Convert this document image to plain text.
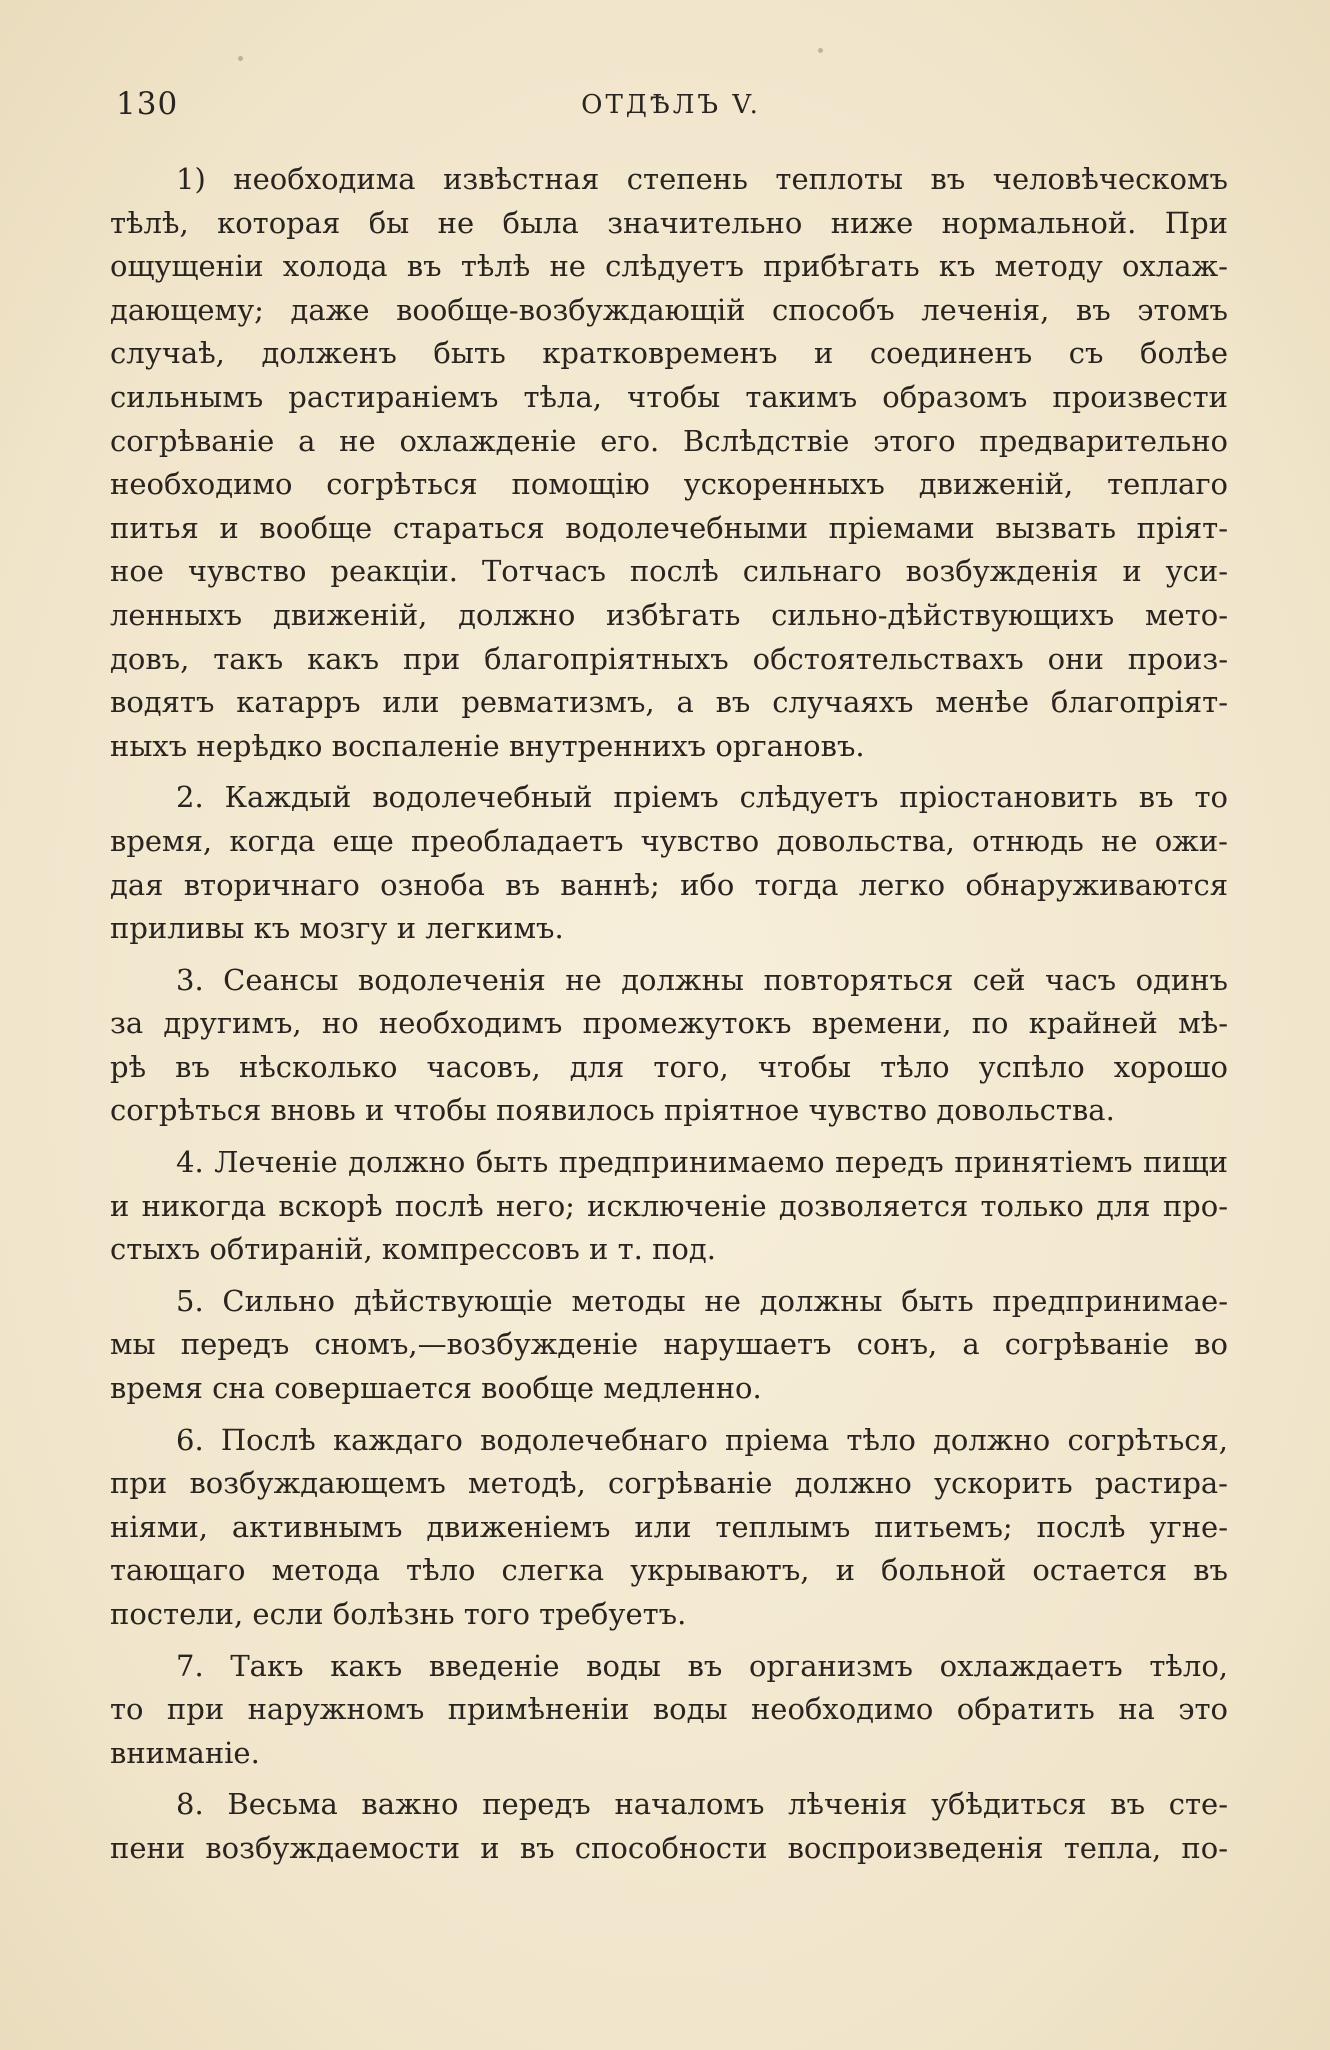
130	ОТДѢЛЪ V.
1) необходима извѣстная степень теплоты въ человѣческомъ
тѣлѣ, которая бы не была значительно ниже нормальной. При
ощущеніи холода въ тѣлѣ не слѣдуетъ прибѣгать къ методу охлаж-
дающему; даже вообще-возбуждающій способъ леченія, въ этомъ
случаѣ, долженъ быть кратковременъ и соединенъ съ болѣе
сильнымъ растираніемъ тѣла, чтобы такимъ образомъ произвести
согрѣваніе а не охлажденіе его. Вслѣдствіе этого предварительно
необходимо согрѣться помощію ускоренныхъ движеній, теплаго
питья и вообще стараться водолечебными пріемами вызвать пріят-
ное чувство реакціи. Тотчасъ послѣ сильнаго возбужденія и уси-
ленныхъ движеній, должно избѣгать сильно-дѣйствующихъ мето-
довъ, такъ какъ при благопріятныхъ обстоятельствахъ они произ-
водятъ катарръ или ревматизмъ, а въ случаяхъ менѣе благопріят-
ныхъ нерѣдко воспаленіе внутреннихъ органовъ.
2. Каждый водолечебный пріемъ слѣдуетъ пріостановить въ то
время, когда еще преобладаетъ чувство довольства, отнюдь не ожи-
дая вторичнаго озноба въ ваннѣ; ибо тогда легко обнаруживаются
приливы къ мозгу и легкимъ.
3. Сеансы водолеченія не должны повторяться сей часъ одинъ
за другимъ, но необходимъ промежутокъ времени, по крайней мѣ-
рѣ въ нѣсколько часовъ, для того, чтобы тѣло успѣло хорошо
согрѣться вновь и чтобы появилось пріятное чувство довольства.
4. Леченіе должно быть предпринимаемо передъ принятіемъ пищи
и никогда вскорѣ послѣ него; исключеніе дозволяется только для про-
стыхъ обтираній, компрессовъ и т. под.
5. Сильно дѣйствующіе методы не должны быть предпринимае-
мы передъ сномъ,—возбужденіе нарушаетъ сонъ, а согрѣваніе во
время сна совершается вообще медленно.
6. Послѣ каждаго водолечебнаго пріема тѣло должно согрѣться,
при возбуждающемъ методѣ, согрѣваніе должно ускорить растира-
ніями, активнымъ движеніемъ или теплымъ питьемъ; послѣ угне-
тающаго метода тѣло слегка укрываютъ, и больной остается въ
постели, если болѣзнь того требуетъ.
7. Такъ какъ введеніе воды въ организмъ охлаждаетъ тѣло,
то при наружномъ примѣненіи воды необходимо обратить на это
вниманіе.
8. Весьма важно передъ началомъ лѣченія убѣдиться въ сте-
пени возбуждаемости и въ способности воспроизведенія тепла, по-
